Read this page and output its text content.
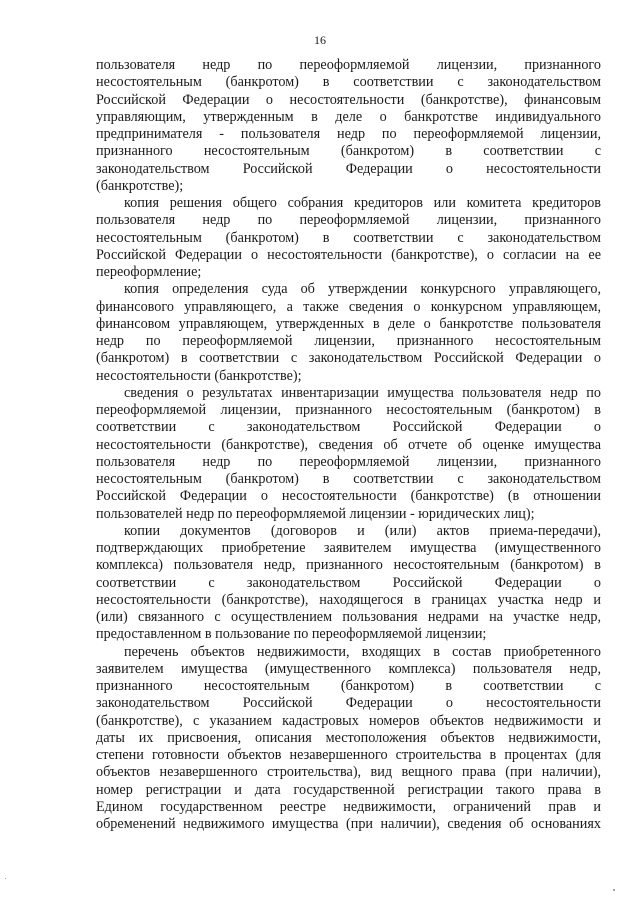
16
пользователя недр по переоформляемой лицензии, признанного
несостоятельным (банкротом) в соответствии с законодательством
Российской Федерации о несостоятельности (банкротстве), финансовым
управляющим, утвержденным в деле о банкротстве индивидуального
предпринимателя - пользователя недр по переоформляемой лицензии,
признанного несостоятельным (банкротом) в соответствии с
законодательством Российской Федерации о несостоятельности
(банкротстве);
копия решения общего собрания кредиторов или комитета кредиторов
пользователя недр по переоформляемой лицензии, признанного
несостоятельным (банкротом) в соответствии с законодательством
Российской Федерации о несостоятельности (банкротстве), о согласии на ее
переоформление;
копия определения суда об утверждении конкурсного управляющего,
финансового управляющего, а также сведения о конкурсном управляющем,
финансовом управляющем, утвержденных в деле о банкротстве пользователя
недр по переоформляемой лицензии, признанного несостоятельным
(банкротом) в соответствии с законодательством Российской Федерации о
несостоятельности (банкротстве);
сведения о результатах инвентаризации имущества пользователя недр по
переоформляемой лицензии, признанного несостоятельным (банкротом) в
соответствии с законодательством Российской Федерации о
несостоятельности (банкротстве), сведения об отчете об оценке имущества
пользователя недр по переоформляемой лицензии, признанного
несостоятельным (банкротом) в соответствии с законодательством
Российской Федерации о несостоятельности (банкротстве) (в отношении
пользователей недр по переоформляемой лицензии - юридических лиц);
копии документов (договоров и (или) актов приема-передачи),
подтверждающих приобретение заявителем имущества (имущественного
комплекса) пользователя недр, признанного несостоятельным (банкротом) в
соответствии с законодательством Российской Федерации о
несостоятельности (банкротстве), находящегося в границах участка недр и
(или) связанного с осуществлением пользования недрами на участке недр,
предоставленном в пользование по переоформляемой лицензии;
перечень объектов недвижимости, входящих в состав приобретенного
заявителем имущества (имущественного комплекса) пользователя недр,
признанного несостоятельным (банкротом) в соответствии с
законодательством Российской Федерации о несостоятельности
(банкротстве), с указанием кадастровых номеров объектов недвижимости и
даты их присвоения, описания местоположения объектов недвижимости,
степени готовности объектов незавершенного строительства в процентах (для
объектов незавершенного строительства), вид вещного права (при наличии),
номер регистрации и дата государственной регистрации такого права в
Едином государственном реестре недвижимости, ограничений прав и
обременений недвижимого имущества (при наличии), сведения об основаниях
